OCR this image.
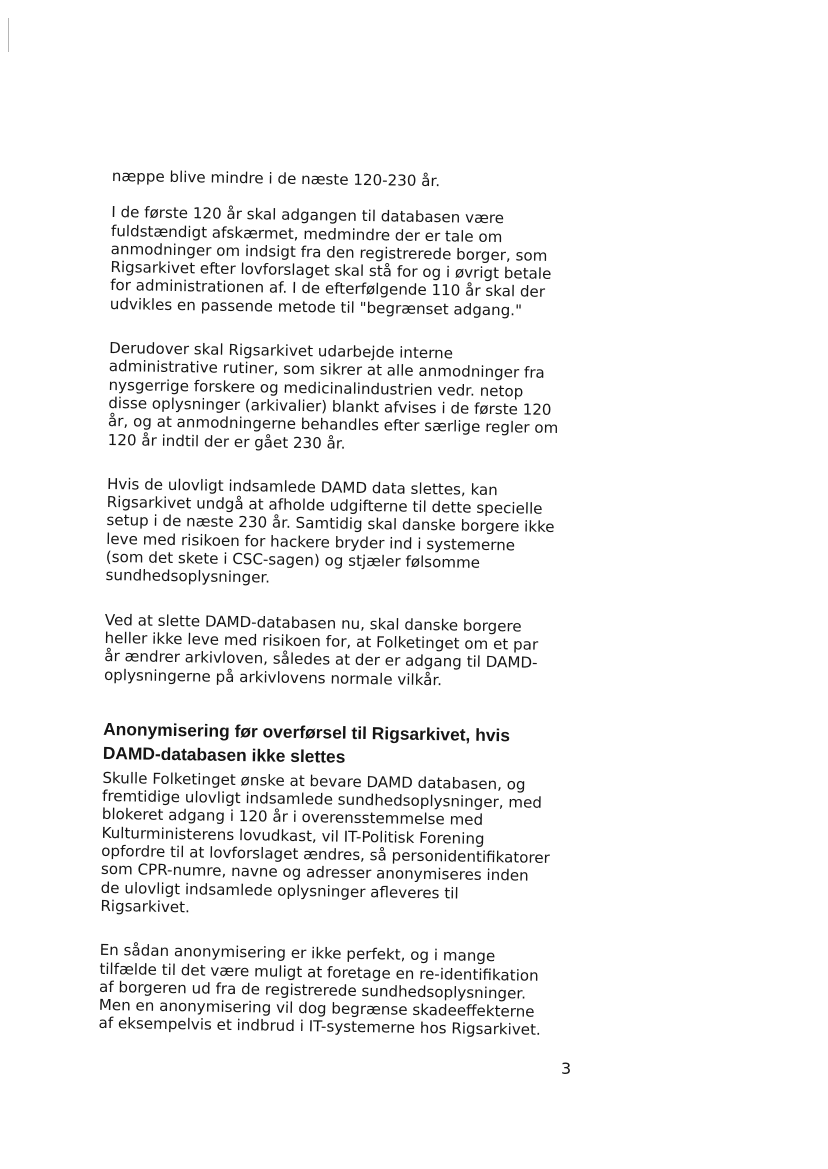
næppe blive mindre i de næste 120-230 år.

I de første 120 år skal adgangen til databasen være
fuldstændigt afskærmet, medmindre der er tale om
anmodninger om indsigt fra den registrerede borger, som
Rigsarkivet efter lovforslaget skal stå for og i øvrigt betale
for administrationen af. I de efterfølgende 110 år skal der
udvikles en passende metode til "begrænset adgang."

Derudover skal Rigsarkivet udarbejde interne
administrative rutiner, som sikrer at alle anmodninger fra
nysgerrige forskere og medicinalindustrien vedr. netop
disse oplysninger (arkivalier) blankt afvises i de første 120
år, og at anmodningerne behandles efter særlige regler om
120 år indtil der er gået 230 år.

Hvis de ulovligt indsamlede DAMD data slettes, kan
Rigsarkivet undgå at afholde udgifterne til dette specielle
setup i de næste 230 år. Samtidig skal danske borgere ikke
leve med risikoen for hackere bryder ind i systemerne
(som det skete i CSC-sagen) og stjæler følsomme
sundhedsoplysninger.

Ved at slette DAMD-databasen nu, skal danske borgere
heller ikke leve med risikoen for, at Folketinget om et par
år ændrer arkivloven, således at der er adgang til DAMD-
oplysningerne på arkivlovens normale vilkår.

Anonymisering før overførsel til Rigsarkivet, hvis
DAMD-databasen ikke slettes

Skulle Folketinget ønske at bevare DAMD databasen, og
fremtidige ulovligt indsamlede sundhedsoplysninger, med
blokeret adgang i 120 år i overensstemmelse med
Kulturministerens lovudkast, vil IT-Politisk Forening
opfordre til at lovforslaget ændres, så personidentifikatorer
som CPR-numre, navne og adresser anonymiseres inden
de ulovligt indsamlede oplysninger afleveres til
Rigsarkivet.

En sådan anonymisering er ikke perfekt, og i mange
tilfælde til det være muligt at foretage en re-identifikation
af borgeren ud fra de registrerede sundhedsoplysninger.
Men en anonymisering vil dog begrænse skadeeffekterne
af eksempelvis et indbrud i IT-systemerne hos Rigsarkivet.

3
